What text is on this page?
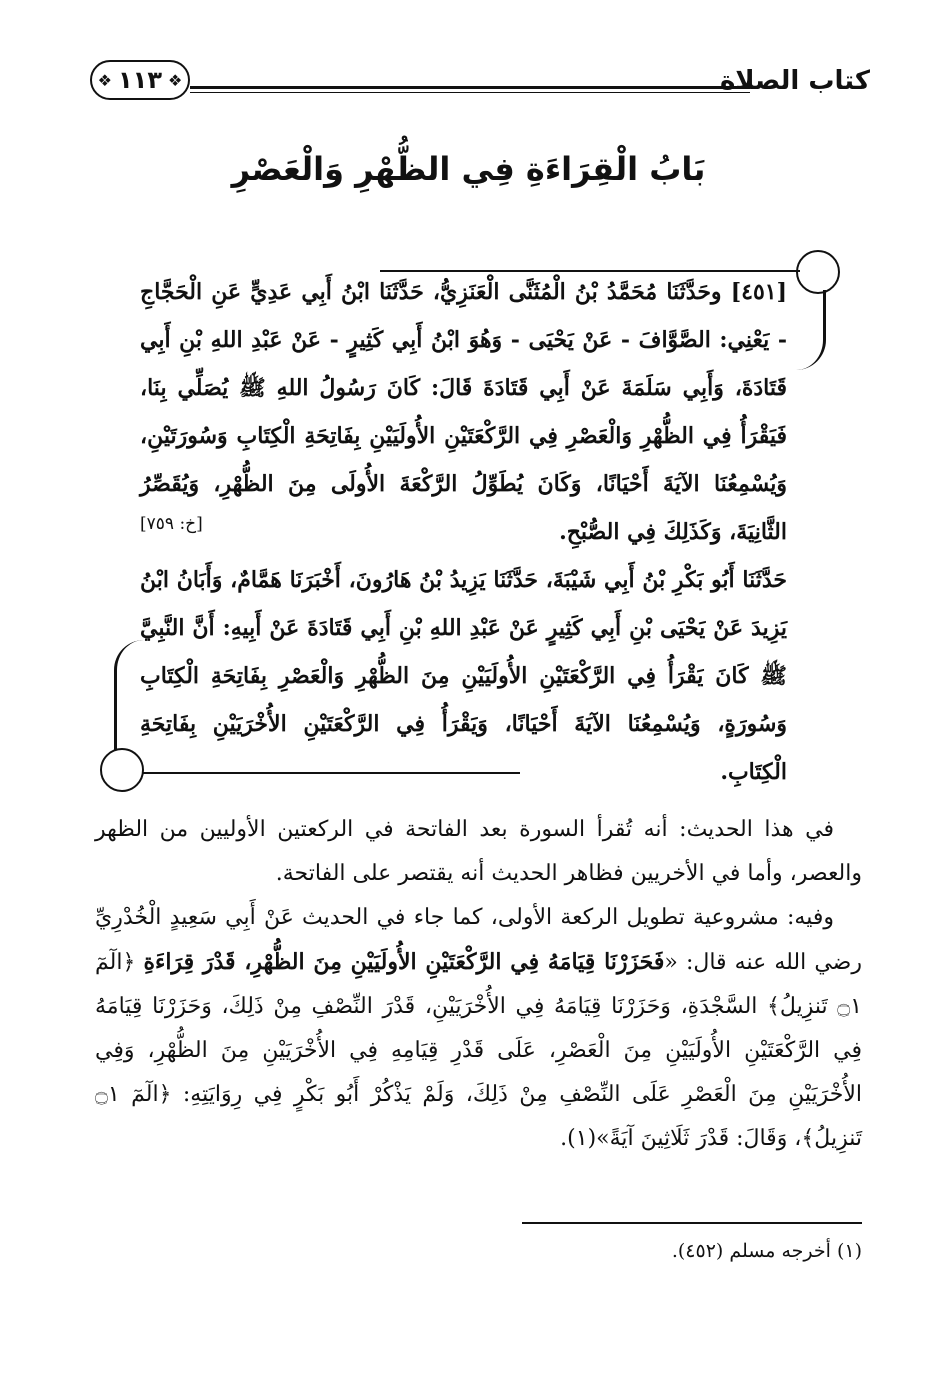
كتاب الصلاة
❖ ١١٣
❖
بَابُ الْقِرَاءَةِ فِي الظُّهْرِ وَالْعَصْرِ

[٤٥١] وحَدَّثَنَا مُحَمَّدُ بْنُ الْمُثَنَّى الْعَنَزِيُّ، حَدَّثَنَا ابْنُ أَبِي عَدِيٍّ عَنِ الْحَجَّاجِ - يَعْنِي: الصَّوَّافَ - عَنْ يَحْيَى - وَهُوَ ابْنُ أَبِي كَثِيرٍ - عَنْ عَبْدِ اللهِ بْنِ أَبِي قَتَادَةَ، وَأَبِي سَلَمَةَ عَنْ أَبِي قَتَادَةَ قَالَ: كَانَ رَسُولُ اللهِ ﷺ يُصَلِّي بِنَا، فَيَقْرَأُ فِي الظُّهْرِ وَالْعَصْرِ فِي الرَّكْعَتَيْنِ الأُولَيَيْنِ بِفَاتِحَةِ الْكِتَابِ وَسُورَتَيْنِ، وَيُسْمِعُنَا الآيَةَ أَحْيَانًا، وَكَانَ يُطَوِّلُ الرَّكْعَةَ الأُولَى مِنَ الظُّهْرِ، وَيُقَصِّرُ الثَّانِيَةَ، وَكَذَلِكَ فِي الصُّبْحِ.

حَدَّثَنَا أَبُو بَكْرِ بْنُ أَبِي شَيْبَةَ، حَدَّثَنَا يَزِيدُ بْنُ هَارُونَ، أَخْبَرَنَا هَمَّامٌ، وَأَبَانُ ابْنُ يَزِيدَ عَنْ يَحْيَى بْنِ أَبِي كَثِيرٍ عَنْ عَبْدِ اللهِ بْنِ أَبِي قَتَادَةَ عَنْ أَبِيهِ: أَنَّ النَّبِيَّ ﷺ كَانَ يَقْرَأُ فِي الرَّكْعَتَيْنِ الأُولَيَيْنِ مِنَ الظُّهْرِ وَالْعَصْرِ بِفَاتِحَةِ الْكِتَابِ وَسُورَةٍ، وَيُسْمِعُنَا الآيَةَ أَحْيَانًا، وَيَقْرَأُ فِي الرَّكْعَتَيْنِ الأُخْرَيَيْنِ بِفَاتِحَةِ الْكِتَابِ.

[خ: ٧٥٩]

في هذا الحديث: أنه تُقرأ السورة بعد الفاتحة في الركعتين الأوليين من الظهر والعصر، وأما في الأخريين فظاهر الحديث أنه يقتصر على الفاتحة.

وفيه: مشروعية تطويل الركعة الأولى، كما جاء في الحديث عَنْ أَبِي سَعِيدٍ الْخُدْرِيِّ رضي الله عنه قال: «فَحَزَرْنَا قِيَامَهُ فِي الرَّكْعَتَيْنِ الأُولَيَيْنِ مِنَ الظُّهْرِ، قَدْرَ قِرَاءَةِ ﴿الٓمٓ ۝١ تَنزِيلُ﴾ السَّجْدَةِ، وَحَزَرْنَا قِيَامَهُ فِي الأُخْرَيَيْنِ، قَدْرَ النِّصْفِ مِنْ ذَلِكَ، وَحَزَرْنَا قِيَامَهُ فِي الرَّكْعَتَيْنِ الأُولَيَيْنِ مِنَ الْعَصْرِ، عَلَى قَدْرِ قِيَامِهِ فِي الأُخْرَيَيْنِ مِنَ الظُّهْرِ، وَفِي الأُخْرَيَيْنِ مِنَ الْعَصْرِ عَلَى النِّصْفِ مِنْ ذَلِكَ، وَلَمْ يَذْكُرْ أَبُو بَكْرٍ فِي رِوَايَتِهِ: ﴿الٓمٓ ۝١ تَنزِيلُ﴾، وَقَالَ: قَدْرَ ثَلَاثِينَ آيَةً»(١).

(١) أخرجه مسلم (٤٥٢).
